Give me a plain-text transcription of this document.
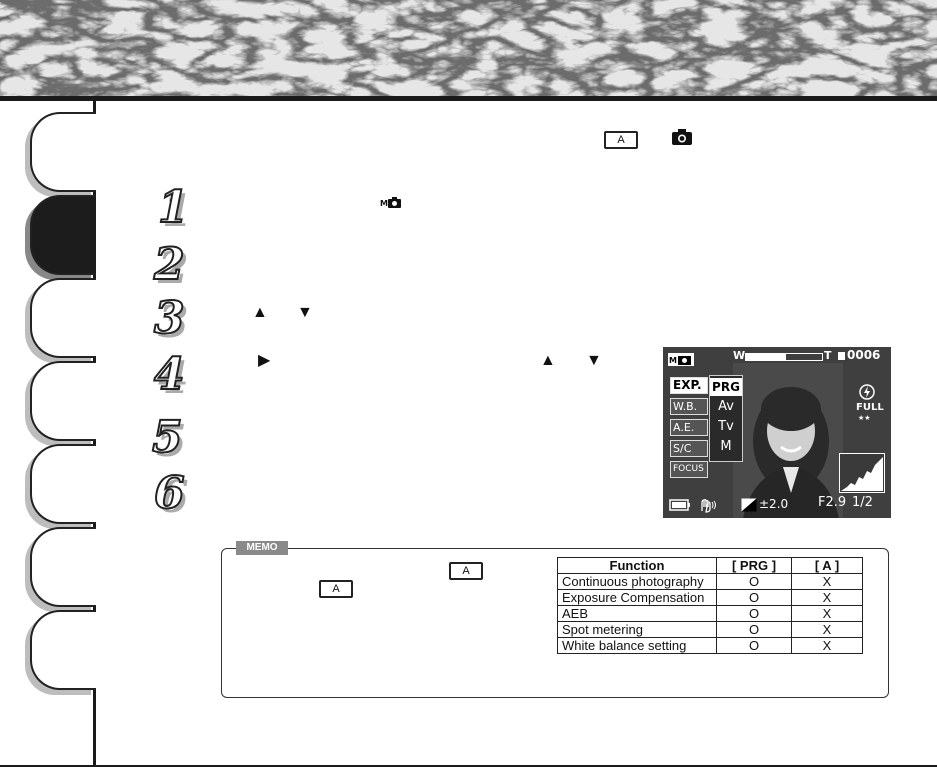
A
1	M
2
3	▲ ▼
4	▶	▲ ▼
5
6
M	W	T 0006
EXP.
W.B.
A.E.
S/C
FOCUS
PRG
Av
Tv
M
FULL
★★
±2.0 F2.9 1/2
MEMO
A
A
Function	[ PRG ]	[ A ]
Continuous photography	O	X
Exposure Compensation	O	X
AEB	O	X
Spot metering	O	X
White balance setting	O	X
